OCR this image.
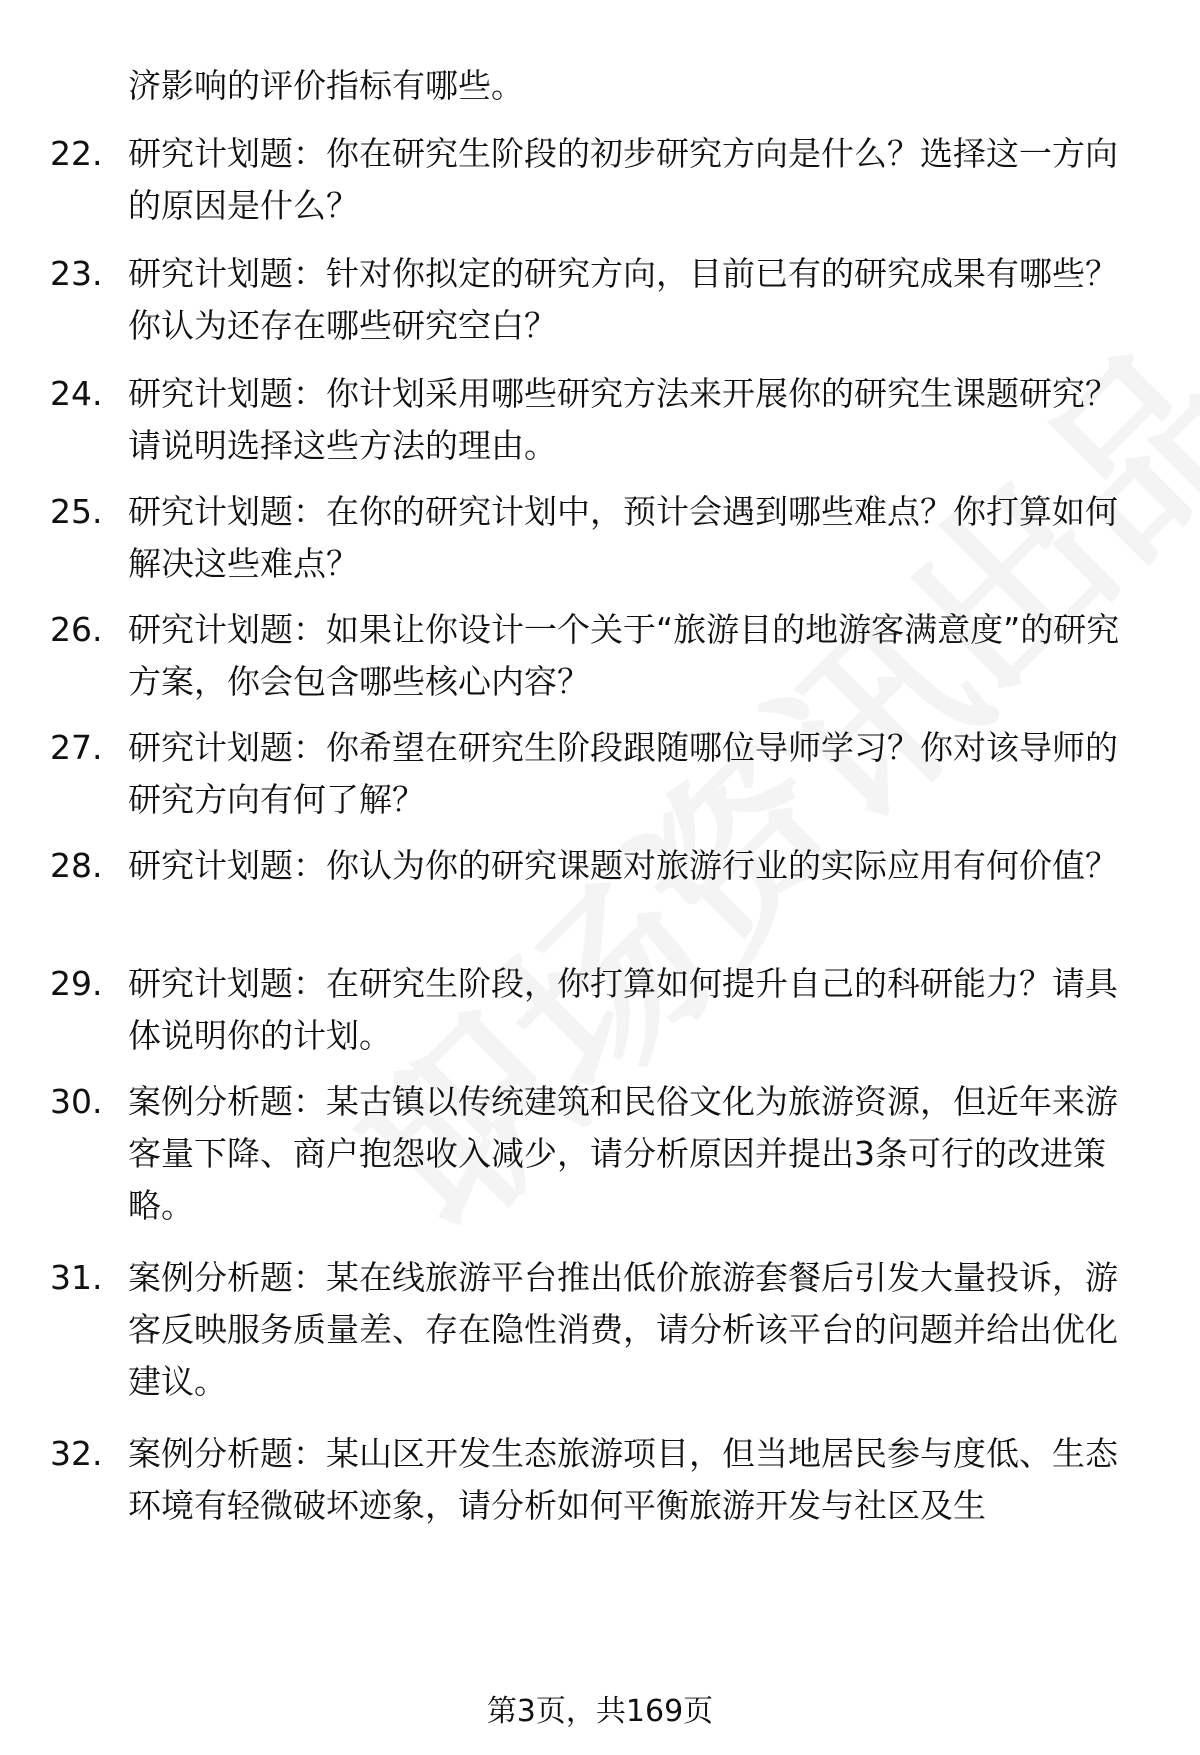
济影响的评价指标有哪些。
22. 研究计划题：你在研究生阶段的初步研究方向是什么？选择这一方向的原因是什么？
23. 研究计划题：针对你拟定的研究方向，目前已有的研究成果有哪些？你认为还存在哪些研究空白？
24. 研究计划题：你计划采用哪些研究方法来开展你的研究生课题研究？请说明选择这些方法的理由。
25. 研究计划题：在你的研究计划中，预计会遇到哪些难点？你打算如何解决这些难点？
26. 研究计划题：如果让你设计一个关于“旅游目的地游客满意度”的研究方案，你会包含哪些核心内容？
27. 研究计划题：你希望在研究生阶段跟随哪位导师学习？你对该导师的研究方向有何了解？
28. 研究计划题：你认为你的研究课题对旅游行业的实际应用有何价值？
29. 研究计划题：在研究生阶段，你打算如何提升自己的科研能力？请具体说明你的计划。
30. 案例分析题：某古镇以传统建筑和民俗文化为旅游资源，但近年来游客量下降、商户抱怨收入减少，请分析原因并提出3条可行的改进策略。
31. 案例分析题：某在线旅游平台推出低价旅游套餐后引发大量投诉，游客反映服务质量差、存在隐性消费，请分析该平台的问题并给出优化建议。
32. 案例分析题：某山区开发生态旅游项目，但当地居民参与度低、生态环境有轻微破坏迹象，请分析如何平衡旅游开发与社区及生
第3页，共169页
